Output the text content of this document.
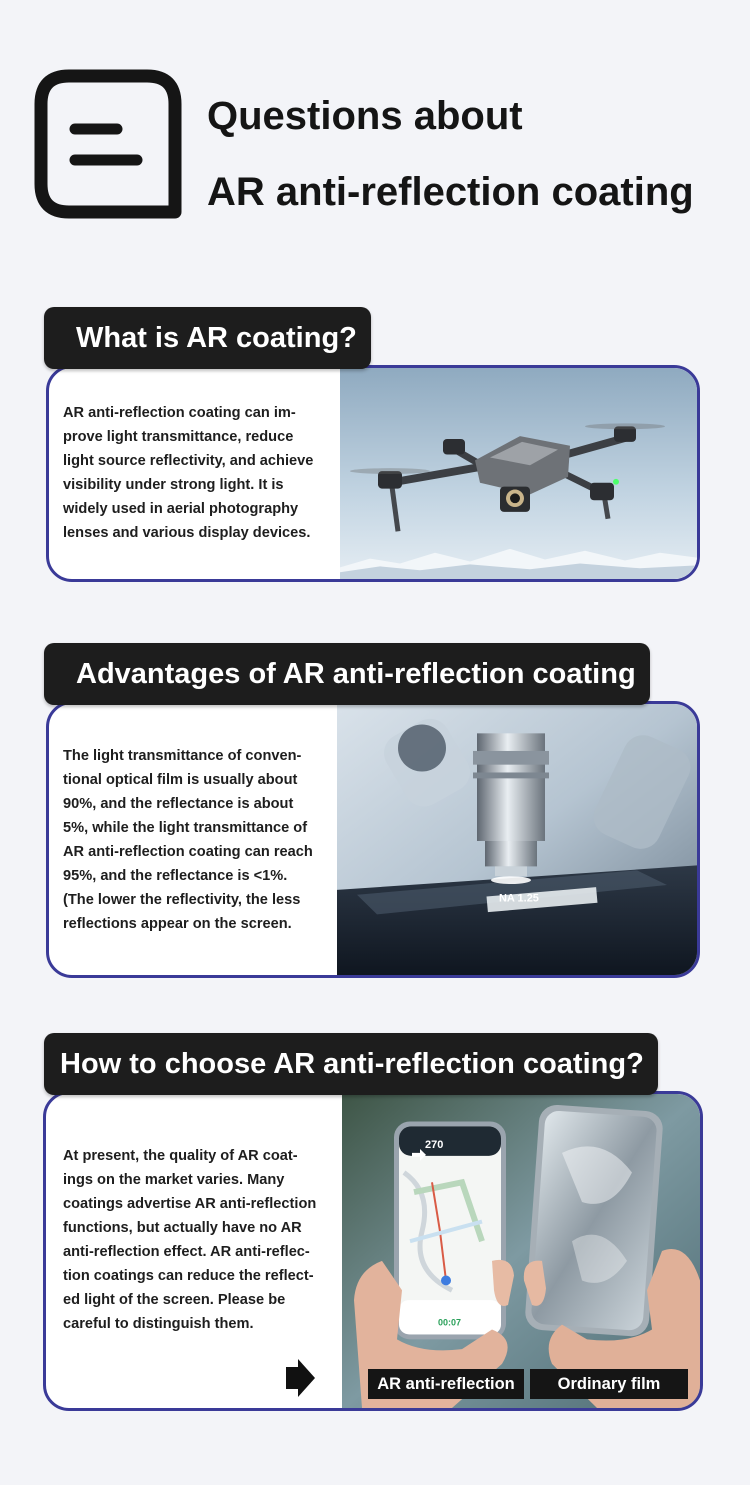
Questions about
AR anti-reflection coating
What is AR coating?
AR anti-reflection coating can im-
prove light transmittance, reduce
light source reflectivity, and achieve
visibility under strong light. It is
widely used in aerial photography
lenses and various display devices.
Advantages of AR anti-reflection coating
The light transmittance of conven-
tional optical film is usually about
90%, and the reflectance is about
5%, while the light transmittance of
AR anti-reflection coating can reach
95%, and the reflectance is <1%.
(The lower the reflectivity, the less
reflections appear on the screen.
NA 1.25
How to choose AR anti-reflection coating?
At present, the quality of AR coat-
ings on the market varies. Many
coatings advertise AR anti-reflection
functions, but actually have no AR
anti-reflection effect. AR anti-reflec-
tion coatings can reduce the reflect-
ed light of the screen. Please be
careful to distinguish them.
270
00:07
AR anti-reflection	Ordinary film
